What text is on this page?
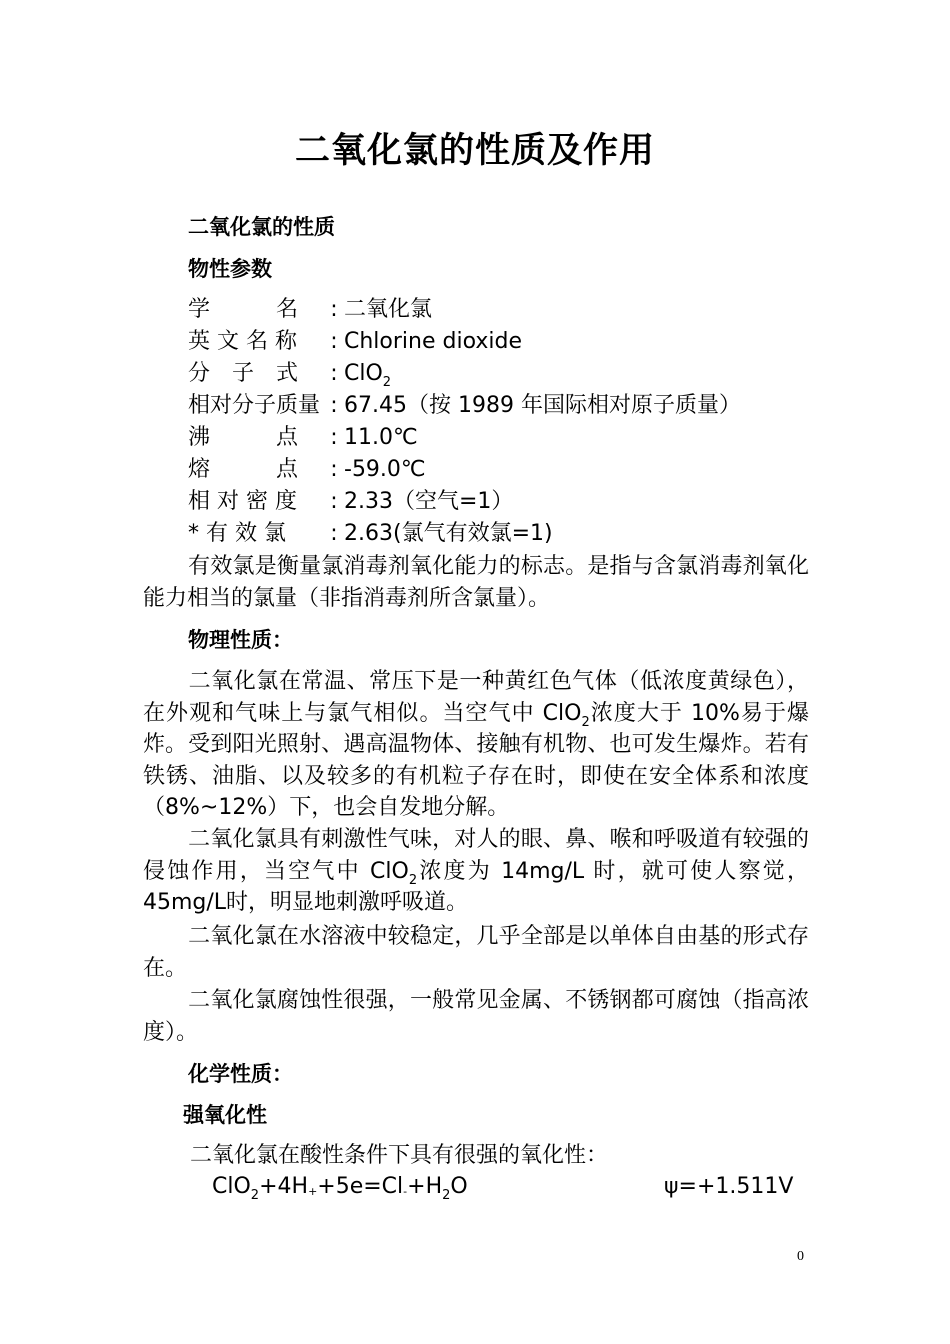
二氧化氯的性质及作用
二氧化氯的性质
物性参数
学　　　名 : 二氧化氯
英 文 名 称 : Chlorine dioxide
分　子　式 : ClO$_2$
相对分子质量 : 67.45（按 1989 年国际相对原子质量）
沸　　　点 : 11.0℃
熔　　　点 : -59.0℃
相 对 密 度 : 2.33（空气=1）
* 有 效 氯 : 2.63(氯气有效氯=1)
有效氯是衡量氯消毒剂氧化能力的标志。是指与含氯消毒剂氧化能力相当的氯量（非指消毒剂所含氯量）。
物理性质：
二氧化氯在常温、常压下是一种黄红色气体（低浓度黄绿色），在外观和气味上与氯气相似。当空气中 ClO$_2$浓度大于 10%易于爆炸。 受到阳光照射、遇高温物体、接触有机物、也可发生爆炸。若有铁锈、油脂、以及较多的有机粒子存在时，即使在安全体系和浓度（8%~12%）下，也会自发地分解。
二氧化氯具有刺激性气味，对人的眼、鼻、喉和呼吸道有较强的侵蚀作用，当空气中 ClO$_2$浓度为 14mg/L 时，就可使人察觉，45mg/L时，明显地刺激呼吸道。
二氧化氯在水溶液中较稳定，几乎全部是以单体自由基的形式存在。
二氧化氯腐蚀性很强，一般常见金属、不锈钢都可腐蚀（指高浓度）。
化学性质：
强氧化性
二氧化氯在酸性条件下具有很强的氧化性：
$ClO_2+4H^++5e=Cl^-+H_2O$	ψ=+1.511V
0
